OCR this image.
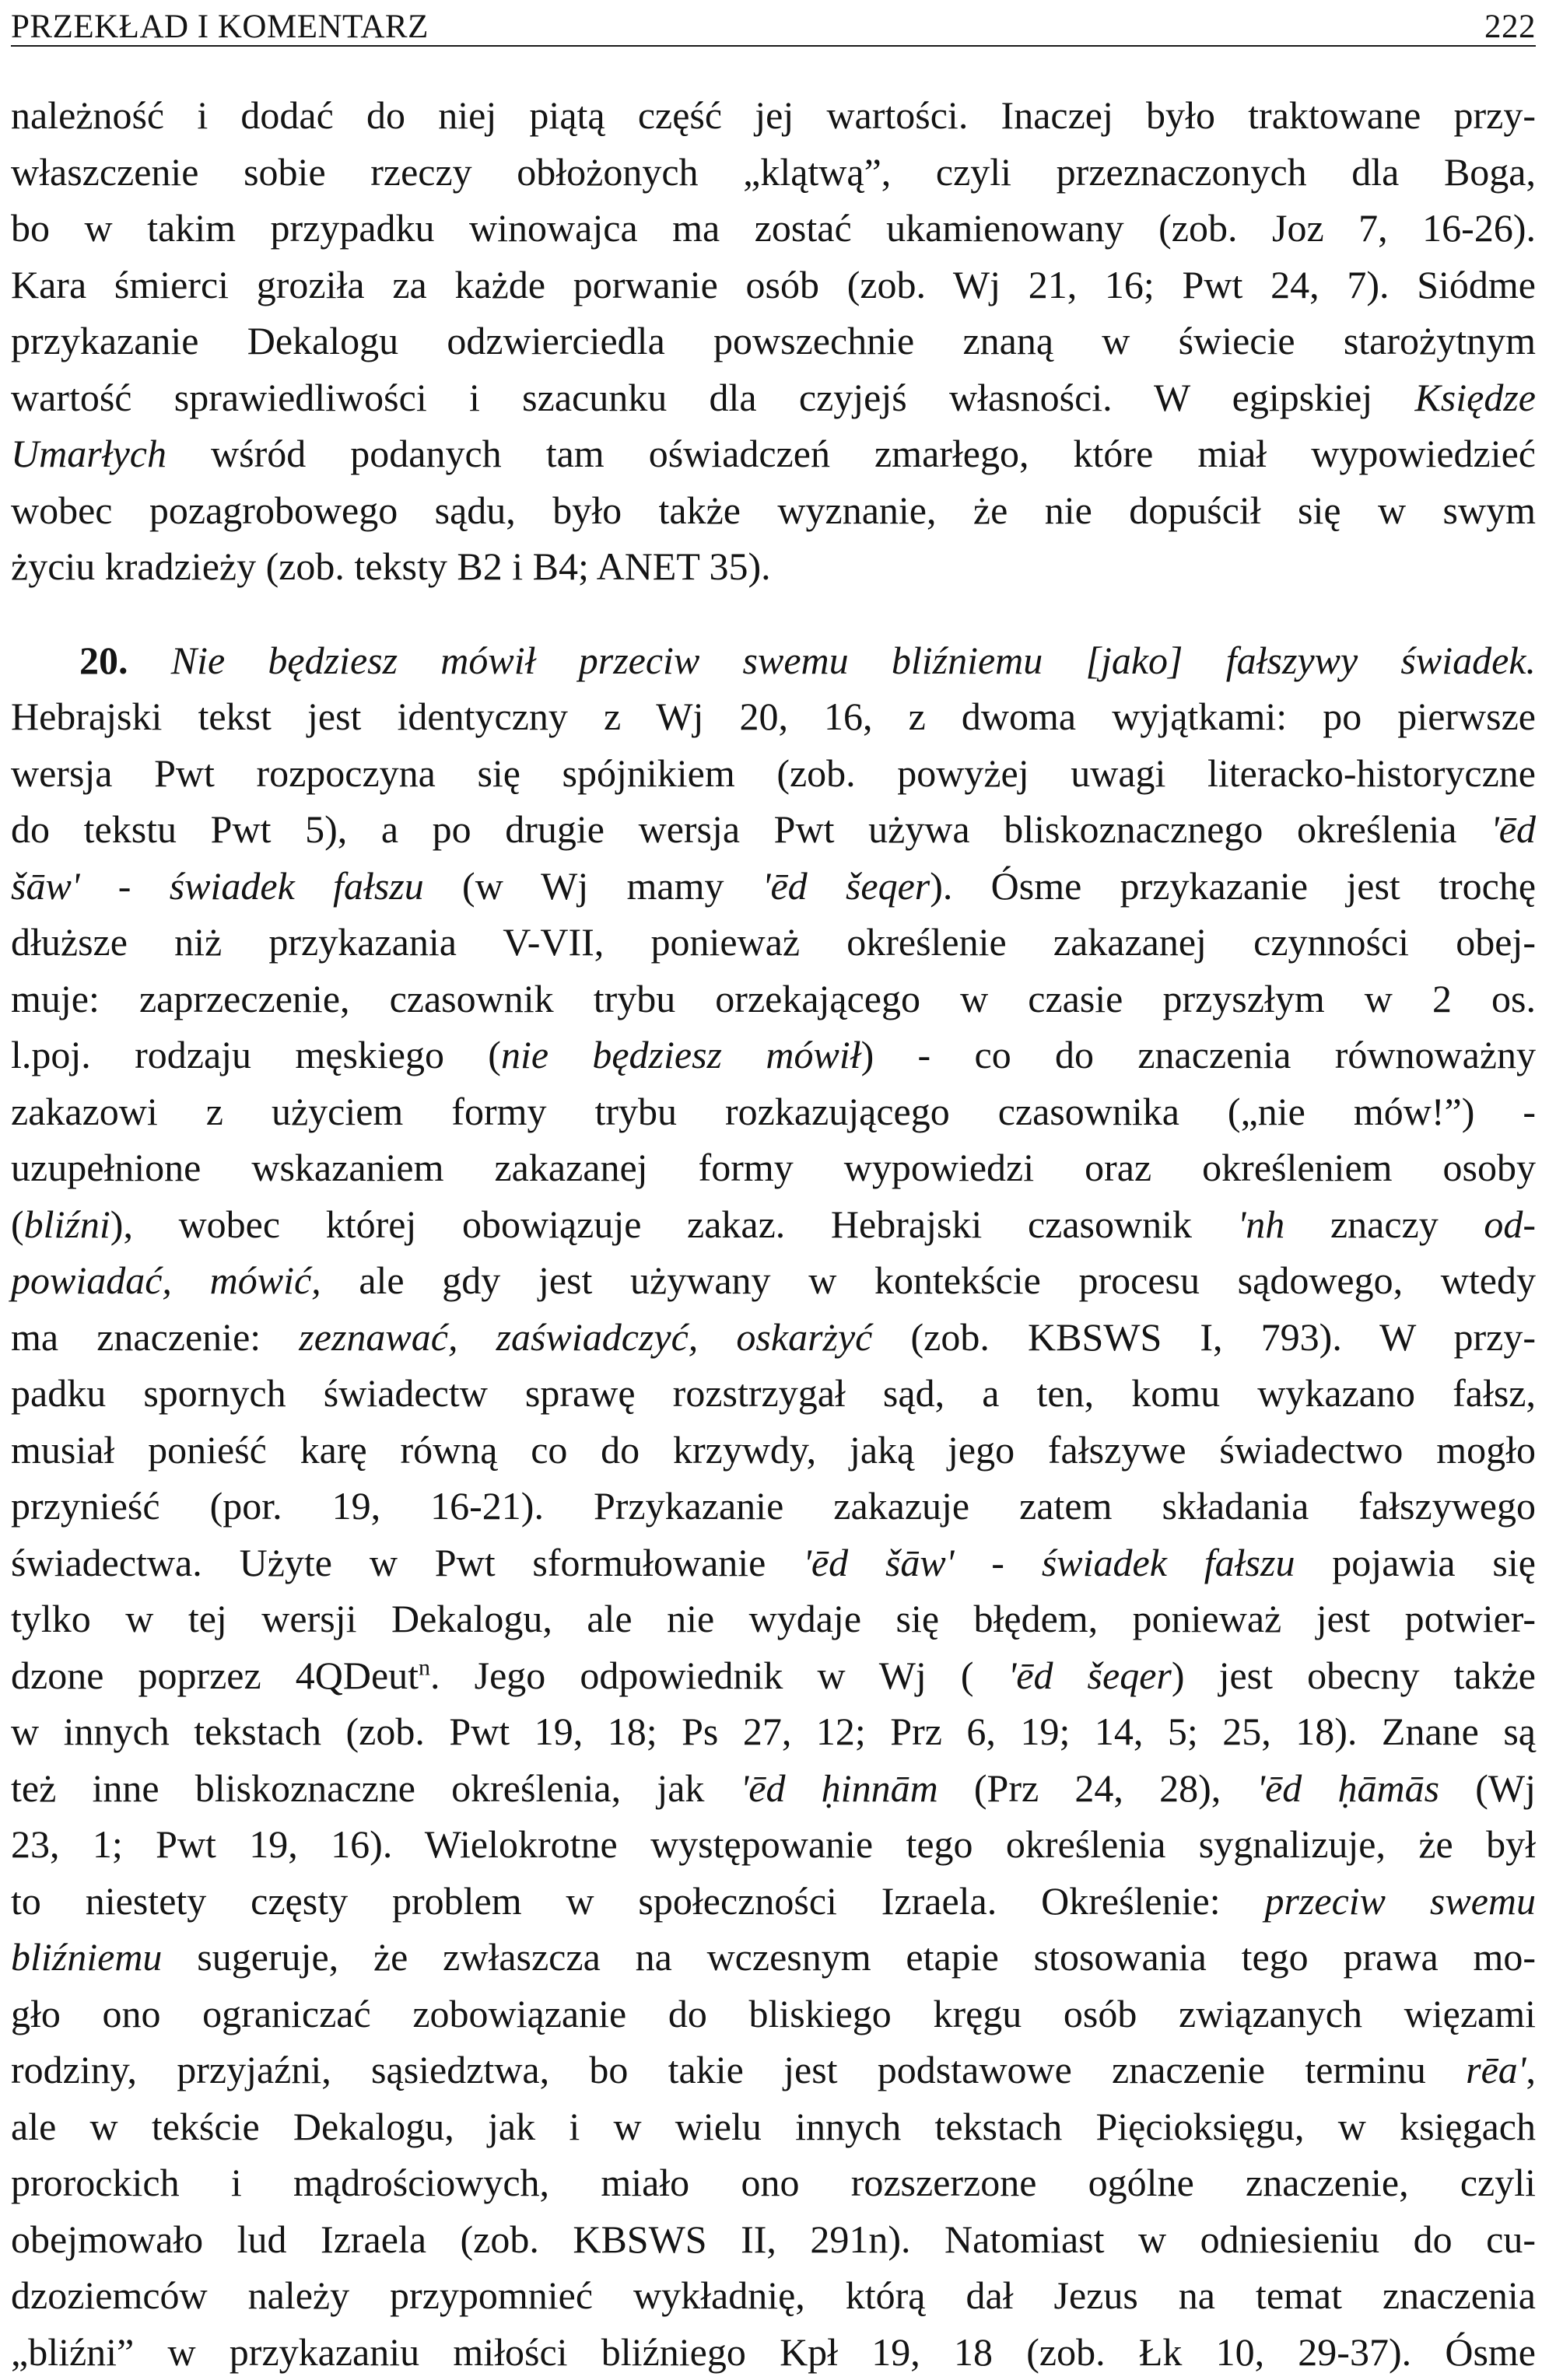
PRZEKŁAD I KOMENTARZ	222
należność i dodać do niej piątą część jej wartości. Inaczej było traktowane przy-
właszczenie sobie rzeczy obłożonych „klątwą”, czyli przeznaczonych dla Boga,
bo w takim przypadku winowajca ma zostać ukamienowany (zob. Joz 7, 16-26).
Kara śmierci groziła za każde porwanie osób (zob. Wj 21, 16; Pwt 24, 7). Siódme
przykazanie Dekalogu odzwierciedla powszechnie znaną w świecie starożytnym
wartość sprawiedliwości i szacunku dla czyjejś własności. W egipskiej Księdze
Umarłych wśród podanych tam oświadczeń zmarłego, które miał wypowiedzieć
wobec pozagrobowego sądu, było także wyznanie, że nie dopuścił się w swym
życiu kradzieży (zob. teksty B2 i B4; ANET 35).
20. Nie będziesz mówił przeciw swemu bliźniemu [jako] fałszywy świadek.
Hebrajski tekst jest identyczny z Wj 20, 16, z dwoma wyjątkami: po pierwsze
wersja Pwt rozpoczyna się spójnikiem (zob. powyżej uwagi literacko-historyczne
do tekstu Pwt 5), a po drugie wersja Pwt używa bliskoznacznego określenia 'ēd
šāw' - świadek fałszu (w Wj mamy 'ēd šeqer). Ósme przykazanie jest trochę
dłuższe niż przykazania V-VII, ponieważ określenie zakazanej czynności obej-
muje: zaprzeczenie, czasownik trybu orzekającego w czasie przyszłym w 2 os.
l.poj. rodzaju męskiego (nie będziesz mówił) - co do znaczenia równoważny
zakazowi z użyciem formy trybu rozkazującego czasownika („nie mów!”) -
uzupełnione wskazaniem zakazanej formy wypowiedzi oraz określeniem osoby
(bliźni), wobec której obowiązuje zakaz. Hebrajski czasownik 'nh znaczy od-
powiadać, mówić, ale gdy jest używany w kontekście procesu sądowego, wtedy
ma znaczenie: zeznawać, zaświadczyć, oskarżyć (zob. KBSWS I, 793). W przy-
padku spornych świadectw sprawę rozstrzygał sąd, a ten, komu wykazano fałsz,
musiał ponieść karę równą co do krzywdy, jaką jego fałszywe świadectwo mogło
przynieść (por. 19, 16-21). Przykazanie zakazuje zatem składania fałszywego
świadectwa. Użyte w Pwt sformułowanie 'ēd šāw' - świadek fałszu pojawia się
tylko w tej wersji Dekalogu, ale nie wydaje się błędem, ponieważ jest potwier-
dzone poprzez 4QDeut$^n$. Jego odpowiednik w Wj ( 'ēd šeqer) jest obecny także
w innych tekstach (zob. Pwt 19, 18; Ps 27, 12; Prz 6, 19; 14, 5; 25, 18). Znane są
też inne bliskoznaczne określenia, jak 'ēd ḥinnām (Prz 24, 28), 'ēd ḥāmās (Wj
23, 1; Pwt 19, 16). Wielokrotne występowanie tego określenia sygnalizuje, że był
to niestety częsty problem w społeczności Izraela. Określenie: przeciw swemu
bliźniemu sugeruje, że zwłaszcza na wczesnym etapie stosowania tego prawa mo-
gło ono ograniczać zobowiązanie do bliskiego kręgu osób związanych więzami
rodziny, przyjaźni, sąsiedztwa, bo takie jest podstawowe znaczenie terminu rēa',
ale w tekście Dekalogu, jak i w wielu innych tekstach Pięcioksięgu, w księgach
prorockich i mądrościowych, miało ono rozszerzone ogólne znaczenie, czyli
obejmowało lud Izraela (zob. KBSWS II, 291n). Natomiast w odniesieniu do cu-
dzoziemców należy przypomnieć wykładnię, którą dał Jezus na temat znaczenia
„bliźni” w przykazaniu miłości bliźniego Kpł 19, 18 (zob. Łk 10, 29-37). Ósme
